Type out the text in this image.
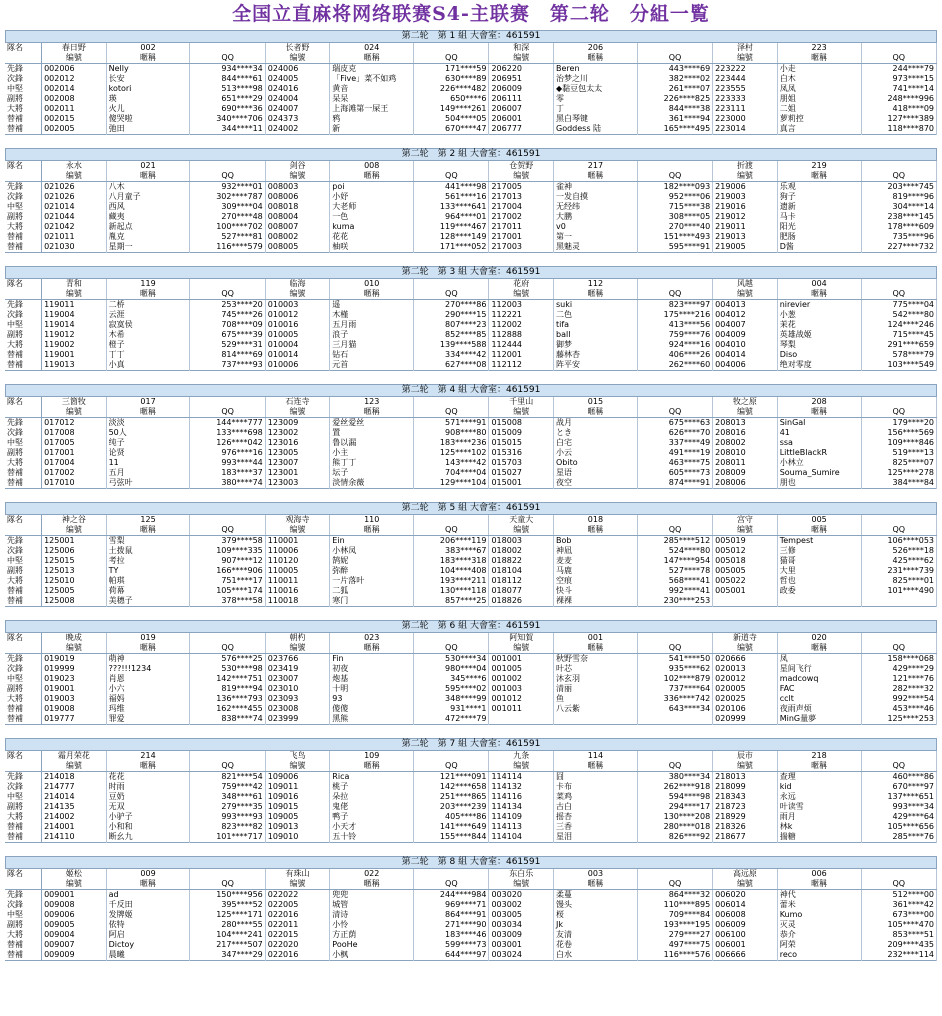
全国立直麻将网络联赛S4-主联赛　第二轮　分組一覧
第二轮　第 1 組 大會室：461591
隊名	春日野	002		长者野	024		和深	206		泽村	223	
	编號	暱稱	QQ	编號	暱稱	QQ	编號	暱稱	QQ	编號	暱稱	QQ
先鋒	002006	Nelly	934****34	024006	瑞皮克	171****59	206220	Beren	443****69	223222	小走	244****79
次鋒	002012	长安	844****61	024005	「Five」菜不如鸡	630****89	206951	治梦之川	382****02	223444	白木	973****15
中堅	002014	kotori	513****98	024016	黄音	226****482	206009	◆黏豆包太太	261****07	223555	凤凤	741****14
副將	002008	瑛	651****29	024004	呆呆	650****6	206111	零	226****825	223333	朋姐	248****996
大將	002011	火儿	690****36	024007	上海滩第一屎王	149****261	206007	丁	844****38	223111	二姐	418****09
替補	002015	傻哭啦	340****706	024373	鸦	504****05	206001	黑白琴键	361****94	223000	萝莉控	127****389
替補	002005	弛田	344****11	024002	新	670****47	206777	Goddess 陆	165****495	223014	真言	118****870
第二轮　第 2 組 大會室：461591
隊名	永水	021		剑谷	008		仓贺野	217		折渡	219	
	编號	暱稱	QQ	编號	暱稱	QQ	编號	暱稱	QQ	编號	暱稱	QQ
先鋒	021026	八木	932****01	008003	poi	441****98	217005	雀神	182****093	219006	乐观	203****745
次鋒	021026	八月童子	302****787	008006	小妤	561****16	217013	一发自摸	952****06	219003	狗子	819****96
中堅	021014	西风	309****04	008018	大老师	133****641	217004	无经纬	715****38	219016	遗新	304****14
副將	021044	藏夷	270****48	008004	一色	964****01	217002	大鹏	308****05	219012	马卡	238****145
大將	021042	新起点	100****702	008007	kuma	119****467	217011	v0	270****40	219011	阳光	178****609
替補	021011	胤克	527****81	008002	花花	128****149	217001	第一	151****493	219013	肥肠	735****96
替補	021030	星期一	116****579	008005	柚咲	171****052	217003	黑魅灵	595****91	219005	D酱	227****732
第二轮　第 3 組 大會室：461591
隊名	青和	119		临海	010		花府	112		风越	004	
	编號	暱稱	QQ	编號	暱稱	QQ	编號	暱稱	QQ	编號	暱稱	QQ
先鋒	119011	二桥	253****20	010003	遥	270****86	112003	suki	823****97	004013	nirevier	775****04
次鋒	119004	云涯	745****26	010012	木槿	290****15	112221	二色	175****216	004012	小葱	542****80
中堅	119014	寂寞侯	708****09	010016	五月雨	807****23	112002	tifa	413****56	004007	茉花	124****246
副將	119012	木希	675****39	010005	浪子	852****85	112888	ball	759****76	004009	英雄战姬	715****45
大將	119002	橙子	529****31	010004	三月猫	139****588	112444	御梦	924****16	004010	琴梨	291****659
替補	119001	丁丁	814****69	010014	钻石	334****42	112001	藤林杏	406****26	004014	Diso	578****79
替補	119013	小真	737****93	010006	元首	627****08	112112	阵平安	262****60	004006	绝对零度	103****549
第二轮　第 4 組 大會室：461591
隊名	三箇牧	017		石连寺	123		千里山	015		牧之原	208	
	编號	暱稱	QQ	编號	暱稱	QQ	编號	暱稱	QQ	编號	暱稱	QQ
先鋒	017012	淡淡	144****777	123009	爱丝爱丝	571****91	015008	战月	675****63	208013	SinGal	179****20
次鋒	017008	50人	133****698	123002	置	908****80	015009	とき	626****70	208016	41	156****569
中堅	017005	纯子	126****042	123016	鲁以漏	183****236	015015	白宅	337****49	208002	ssa	109****846
副將	017001	论贤	976****16	123005	小主	125****102	015316	小云	491****19	208010	LittleBlackR	519****13
大將	017004	11	993****44	123007	熊丁丁	143****42	015703	Obito	463****75	208011	小林立	825****07
替補	017002	五月	183****37	123001	坛子	704****04	015027	星语	605****73	208009	Souma_Sumire	125****278
替補	017010	弓弦叶	380****74	123003	淡情余薇	129****104	015001	夜空	874****91	208006	朋也	384****84
第二轮　第 5 組 大會室：461591
隊名	神之谷	125		观海寺	110		天童大	018		宫守	005	
	编號	暱稱	QQ	编號	暱稱	QQ	编號	暱稱	QQ	编號	暱稱	QQ
先鋒	125001	雪梨	379****58	110001	Ein	206****119	018003	Bob	285****512	005019	Tempest	106****053
次鋒	125006	土拨鼠	109****335	110006	小林凤	383****67	018002	神凪	524****80	005012	三修	526****18
中堅	125015	考拉	907****12	110120	鹄妮	183****318	018822	麦麦	147****954	005018	猫哥	425****62
副將	125013	TY	166****906	110005	弥醉	104****408	018104	马鹿	527****78	005005	大里	231****739
大將	125010	帕琪	751****17	110011	一片落叶	193****211	018112	空痕	568****41	005022	哲也	825****01
替補	125005	荷幕	105****174	110016	二狐	130****118	018077	快斗	992****41	005001	政委	101****490
替補	125008	美穗子	378****58	110018	寒门	857****25	018826	裸裸	230****253			
第二轮　第 6 組 大會室：461591
隊名	晚成	019		朝杓	023		阿知賀	001		新道寺	020	
	编號	暱稱	QQ	编號	暱稱	QQ	编號	暱稱	QQ	编號	暱稱	QQ
先鋒	019019	萌神	576****25	023766	Fin	530****34	001001	秋野雪奈	541****50	020666	凤	158****068
次鋒	019999	???!!!1234	530****98	023419	初夜	980****04	001005	叶芯	935****62	020013	星间飞行	429****29
中堅	019023	肖恩	142****751	023007	炮基	345****6	001002	沐玄羽	102****879	020012	madcowq	121****76
副將	019001	小六	819****94	023010	十明	595****02	001003	清丽	737****64	020005	FAC	282****32
大將	019003	福妈	136****793	023093	93	348****99	001012	鱼	336****742	020025	cclt	992****54
替補	019008	玛维	162****455	023008	傻傻	931****1	001011	八云紫	643****34	020106	夜雨声烦	453****46
替補	019777	罪爱	838****74	023999	黑熊	472****79				020999	MinG量夢	125****253
第二轮　第 7 組 大會室：461591
隊名	霜月荣花	214		飞鸟	109		九条	114		辰市	218	
	编號	暱稱	QQ	编號	暱稱	QQ	编號	暱稱	QQ	编號	暱稱	QQ
先鋒	214018	花花	821****54	109006	Rica	121****091	114114	囧	380****34	218013	查理	460****86
次鋒	214777	时雨	759****42	109011	桃子	142****658	114132	卡布	262****918	218099	kid	670****97
中堅	214014	豆奶	348****61	109016	朵拉	251****865	114116	菜鸡	594****98	218343	永远	137****651
副將	214135	无双	279****35	109015	鬼佬	203****239	114134	古白	294****17	218723	叶读雪	993****34
大將	214002	小驴子	993****93	109005	鸭子	405****86	114109	摇杏	130****208	218929	雨月	429****64
替補	214001	小和和	823****82	109013	小天才	141****649	114113	三香	280****018	218326	林k	105****656
替補	214110	断幺九	101****717	109010	五十铃	155****844	114104	星泪	826****92	218677	揣糖	285****76
第二轮　第 8 組 大會室：461591
隊名	姬松	009		有珠山	022		东白乐	003		高远原	006	
	编號	暱稱	QQ	编號	暱稱	QQ	编號	暱稱	QQ	编號	暱稱	QQ
先鋒	009001	ad	150****956	022022	兜兜	244****984	003020	柔蔓	864****32	006020	神代	512****00
次鋒	009008	千反田	395****52	022005	城管	969****71	003002	馒头	110****895	006014	蕾米	361****42
中堅	009006	发牌姬	125****171	022016	清诗	864****91	003005	桜	709****84	006008	Kumo	673****00
副將	009005	依特	280****55	022011	小怜	271****90	003034	Jk	193****195	006009	灭灵	105****470
大將	009004	阿启	104****241	022015	方正荫	183****46	003009	友清	279****27	006100	恭介	853****51
替補	009007	Dictoy	217****507	022020	PooHe	599****73	003001	花卷	497****75	006001	阿荣	209****435
替補	009009	晨曦	347****29	022016	小枫	644****97	003024	白水	116****576	006666	reco	232****114
